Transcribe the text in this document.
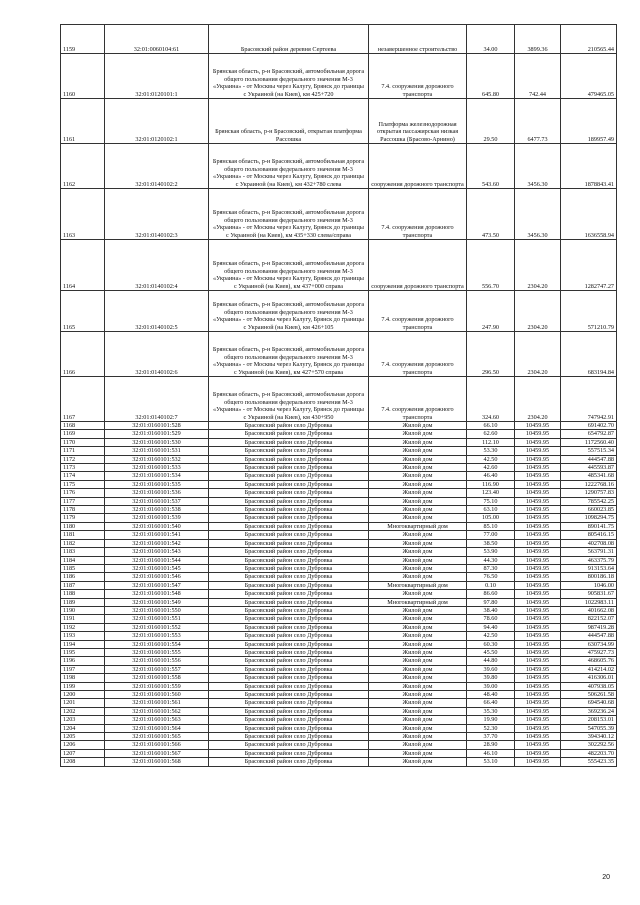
1159	32:01:0060104:61	Брасовский район деревня Сертеева	незавершенное строительство	34.00	3899.36	210565.44
1160	32:01:0120101:1	Брянская область, р-н Брасовский, автомобильная дорога общего пользования федерального значения М-3 «Украина» - от Москвы через Калугу, Брянск до границы с Украиной (на Киев), км 425+720	7.4. сооружения дорожного транспорта	645.80	742.44	479465.05
1161	32:01:0120102:1	Брянская область, р-н Брасовский, открытая платформа Рассошка	Платформа железнодорожная открытая пассажирская низкая Рассошка (Брасово-Арнино)	29.50	6477.73	189957.49
1162	32:01:0140102:2	Брянская область, р-н Брасовский, автомобильная дорога общего пользования федерального значения М-3 «Украина» - от Москвы через Калугу, Брянск до границы с Украиной (на Киев), км 432+780 слева	сооружения дорожного транспорта	543.60	3456.30	1878843.41
1163	32:01:0140102:3	Брянская область, р-н Брасовский, автомобильная дорога общего пользования федерального значения М-3 «Украина» - от Москвы через Калугу, Брянск до границы с Украиной (на Киев), км 435+330 слева/справа	7.4. сооружения дорожного транспорта	473.50	3456.30	1636558.94
1164	32:01:0140102:4	Брянская область, р-н Брасовский, автомобильная дорога общего пользования федерального значения М-3 «Украина» - от Москвы через Калугу, Брянск до границы с Украиной (на Киев), км 437+000 справа	сооружения дорожного транспорта	556.70	2304.20	1282747.27
1165	32:01:0140102:5	Брянская область, р-н Брасовский, автомобильная дорога общего пользования федерального значения М-3 «Украина» - от Москвы через Калугу, Брянск до границы с Украиной (на Киев), км 426+105	7.4. сооружения дорожного транспорта	247.90	2304.20	571210.79
1166	32:01:0140102:6	Брянская область, р-н Брасовский, автомобильная дорога общего пользования федерального значения М-3 «Украина» - от Москвы через Калугу, Брянск до границы с Украиной (на Киев), км 427+570 справа	7.4. сооружения дорожного транспорта	296.50	2304.20	683194.84
1167	32:01:0140102:7	Брянская область, р-н Брасовский, автомобильная дорога общего пользования федерального значения М-3 «Украина» - от Москвы через Калугу, Брянск до границы с Украиной (на Киев), км 430+950	7.4. сооружения дорожного транспорта	324.60	2304.20	747942.91
1168	32:01:0160101:528	Брасовский район село Дубровка	Жилой дом	66.10	10459.95	691402.70
1169	32:01:0160101:529	Брасовский район село Дубровка	Жилой дом	62.60	10459.95	654792.87
1170	32:01:0160101:530	Брасовский район село Дубровка	Жилой дом	112.10	10459.95	1172560.40
1171	32:01:0160101:531	Брасовский район село Дубровка	Жилой дом	53.30	10459.95	557515.34
1172	32:01:0160101:532	Брасовский район село Дубровка	Жилой дом	42.50	10459.95	444547.88
1173	32:01:0160101:533	Брасовский район село Дубровка	Жилой дом	42.60	10459.95	445593.87
1174	32:01:0160101:534	Брасовский район село Дубровка	Жилой дом	46.40	10459.95	485341.68
1175	32:01:0160101:535	Брасовский район село Дубровка	Жилой дом	116.90	10459.95	1222768.16
1176	32:01:0160101:536	Брасовский район село Дубровка	Жилой дом	123.40	10459.95	1290757.83
1177	32:01:0160101:537	Брасовский район село Дубровка	Жилой дом	75.10	10459.95	785542.25
1178	32:01:0160101:538	Брасовский район село Дубровка	Жилой дом	63.10	10459.95	660023.85
1179	32:01:0160101:539	Брасовский район село Дубровка	Жилой дом	105.00	10459.95	1098294.75
1180	32:01:0160101:540	Брасовский район село Дубровка	Многоквартирный дом	85.10	10459.95	890141.75
1181	32:01:0160101:541	Брасовский район село Дубровка	Жилой дом	77.00	10459.95	805416.15
1182	32:01:0160101:542	Брасовский район село Дубровка	Жилой дом	38.50	10459.95	402708.08
1183	32:01:0160101:543	Брасовский район село Дубровка	Жилой дом	53.90	10459.95	563791.31
1184	32:01:0160101:544	Брасовский район село Дубровка	Жилой дом	44.30	10459.95	463375.79
1185	32:01:0160101:545	Брасовский район село Дубровка	Жилой дом	87.30	10459.95	913153.64
1186	32:01:0160101:546	Брасовский район село Дубровка	Жилой дом	76.50	10459.95	800186.18
1187	32:01:0160101:547	Брасовский район село Дубровка	Многоквартирный дом	0.10	10459.95	1046.00
1188	32:01:0160101:548	Брасовский район село Дубровка	Жилой дом	86.60	10459.95	905831.67
1189	32:01:0160101:549	Брасовский район село Дубровка	Многоквартирный дом	97.80	10459.95	1022983.11
1190	32:01:0160101:550	Брасовский район село Дубровка	Жилой дом	38.40	10459.95	401662.08
1191	32:01:0160101:551	Брасовский район село Дубровка	Жилой дом	78.60	10459.95	822152.07
1192	32:01:0160101:552	Брасовский район село Дубровка	Жилой дом	94.40	10459.95	987419.28
1193	32:01:0160101:553	Брасовский район село Дубровка	Жилой дом	42.50	10459.95	444547.88
1194	32:01:0160101:554	Брасовский район село Дубровка	Жилой дом	60.30	10459.95	630734.99
1195	32:01:0160101:555	Брасовский район село Дубровка	Жилой дом	45.50	10459.95	475927.73
1196	32:01:0160101:556	Брасовский район село Дубровка	Жилой дом	44.80	10459.95	468605.76
1197	32:01:0160101:557	Брасовский район село Дубровка	Жилой дом	39.60	10459.95	414214.02
1198	32:01:0160101:558	Брасовский район село Дубровка	Жилой дом	39.80	10459.95	416306.01
1199	32:01:0160101:559	Брасовский район село Дубровка	Жилой дом	39.00	10459.95	407938.05
1200	32:01:0160101:560	Брасовский район село Дубровка	Жилой дом	48.40	10459.95	506261.58
1201	32:01:0160101:561	Брасовский район село Дубровка	Жилой дом	66.40	10459.95	694540.68
1202	32:01:0160101:562	Брасовский район село Дубровка	Жилой дом	35.30	10459.95	369236.24
1203	32:01:0160101:563	Брасовский район село Дубровка	Жилой дом	19.90	10459.95	208153.01
1204	32:01:0160101:564	Брасовский район село Дубровка	Жилой дом	52.30	10459.95	547055.39
1205	32:01:0160101:565	Брасовский район село Дубровка	Жилой дом	37.70	10459.95	394340.12
1206	32:01:0160101:566	Брасовский район село Дубровка	Жилой дом	28.90	10459.95	302292.56
1207	32:01:0160101:567	Брасовский район село Дубровка	Жилой дом	46.10	10459.95	482203.70
1208	32:01:0160101:568	Брасовский район село Дубровка	Жилой дом	53.10	10459.95	555423.35
20
